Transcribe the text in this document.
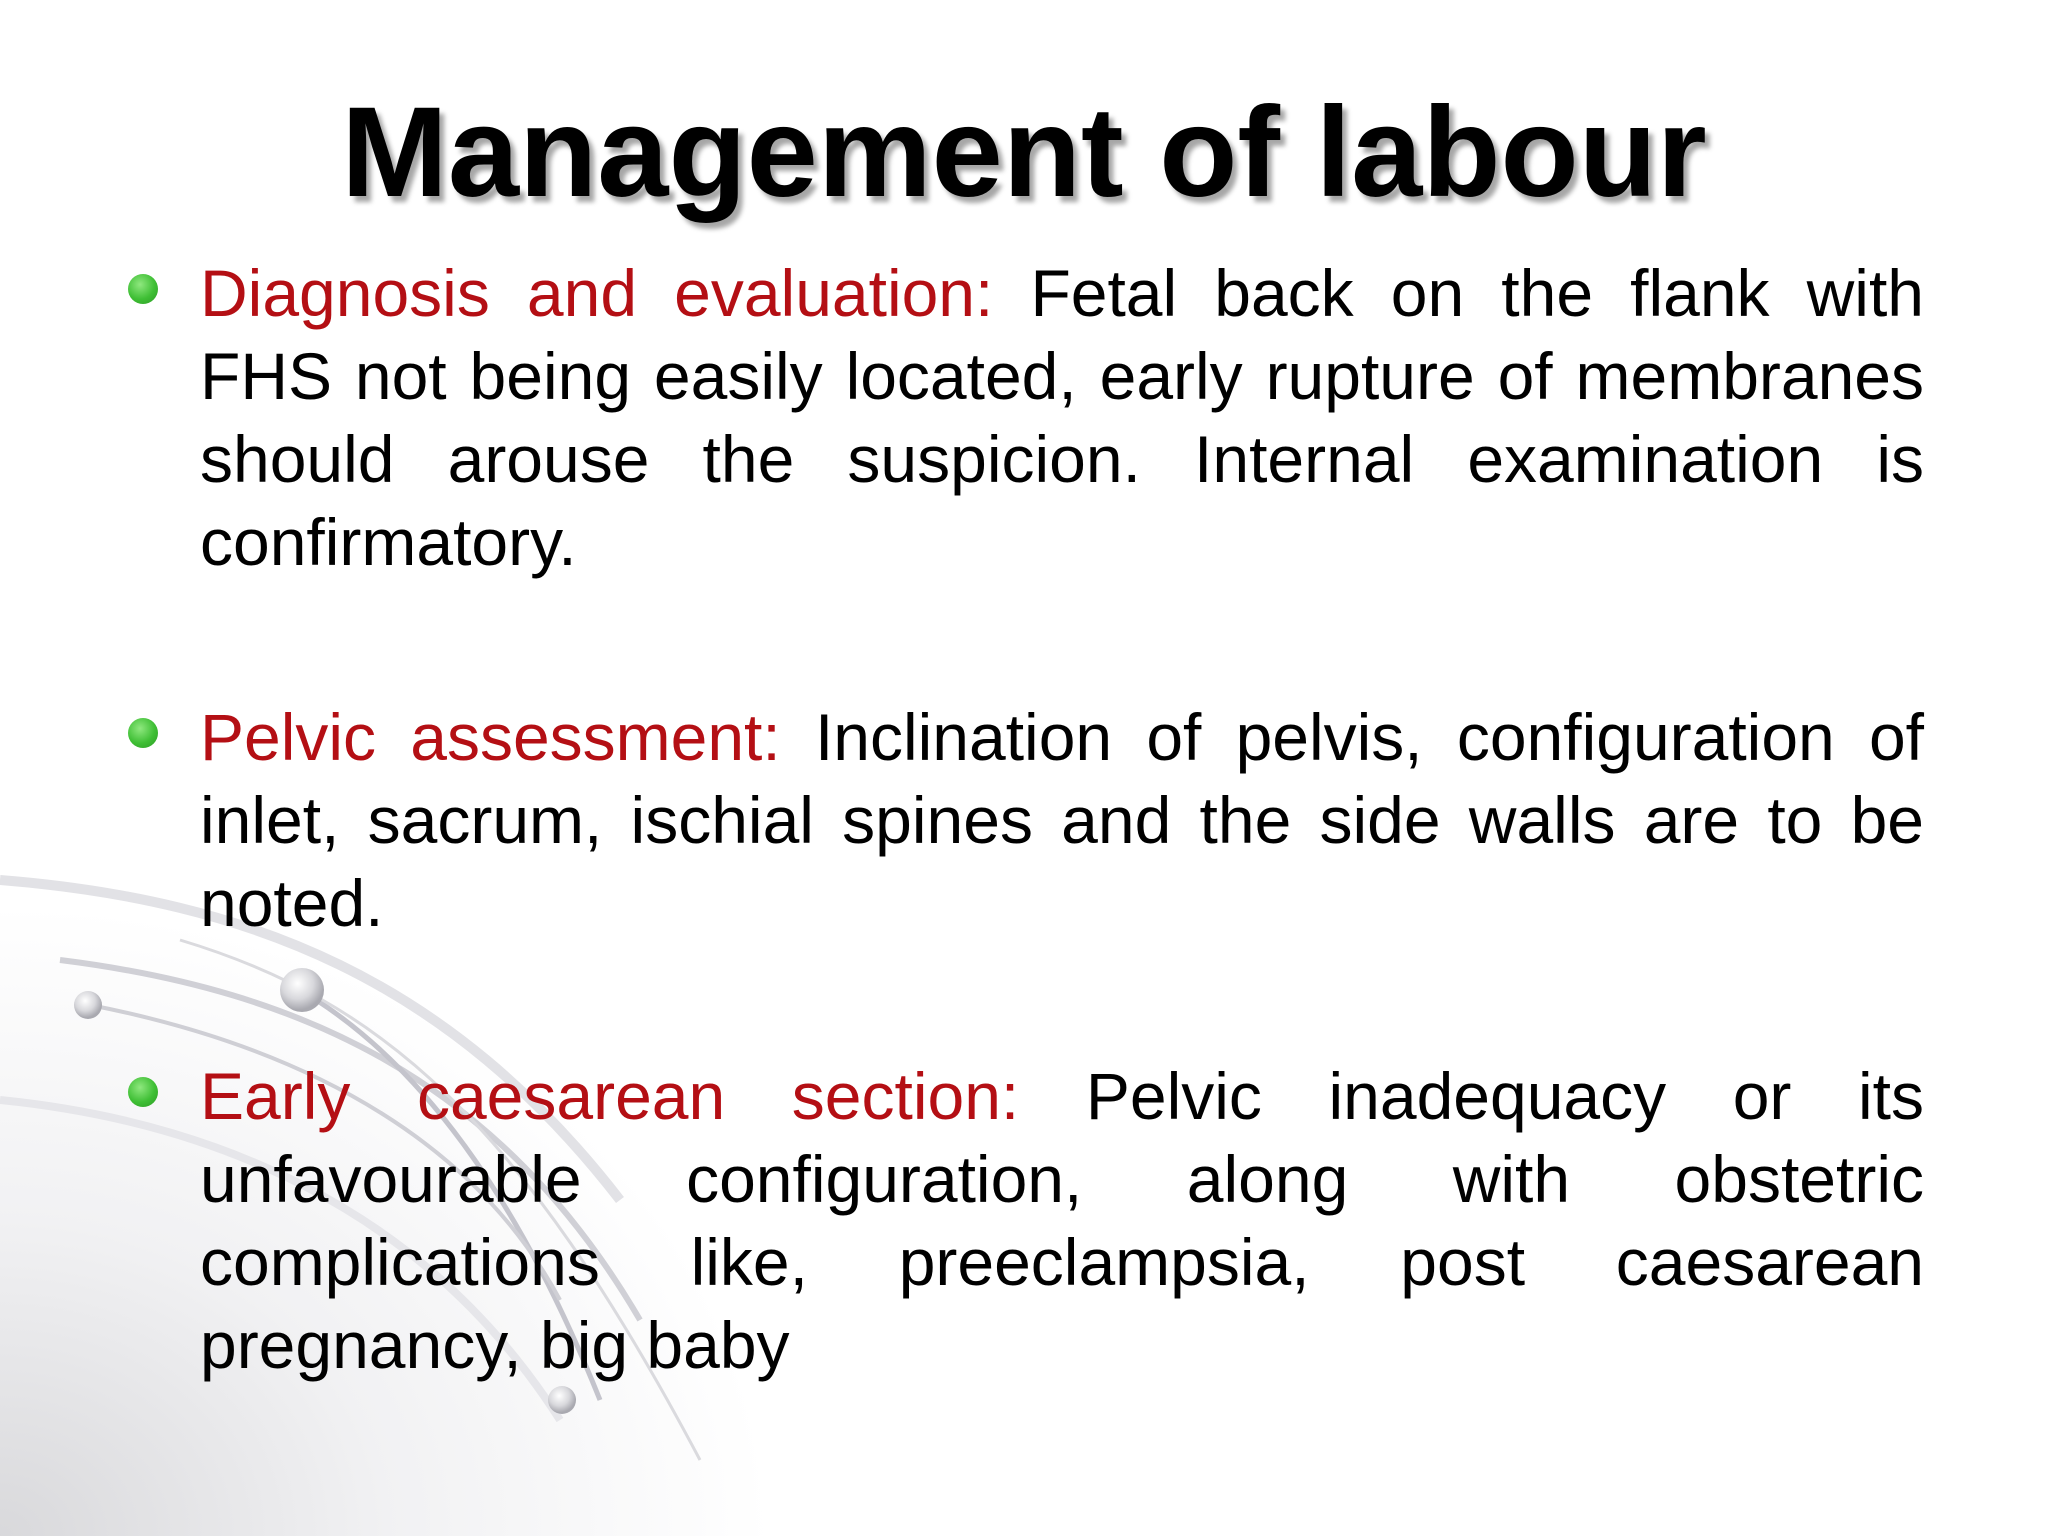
Management of labour
Diagnosis and evaluation: Fetal back on the flank with FHS not being easily located, early rupture of membranes should arouse the suspicion. Internal examination is confirmatory.
Pelvic assessment: Inclination of pelvis, configuration of inlet, sacrum, ischial spines and the side walls are to be noted.
Early caesarean section: Pelvic inadequacy or its unfavourable configuration, along with obstetric complications like, preeclampsia, post caesarean pregnancy, big baby
